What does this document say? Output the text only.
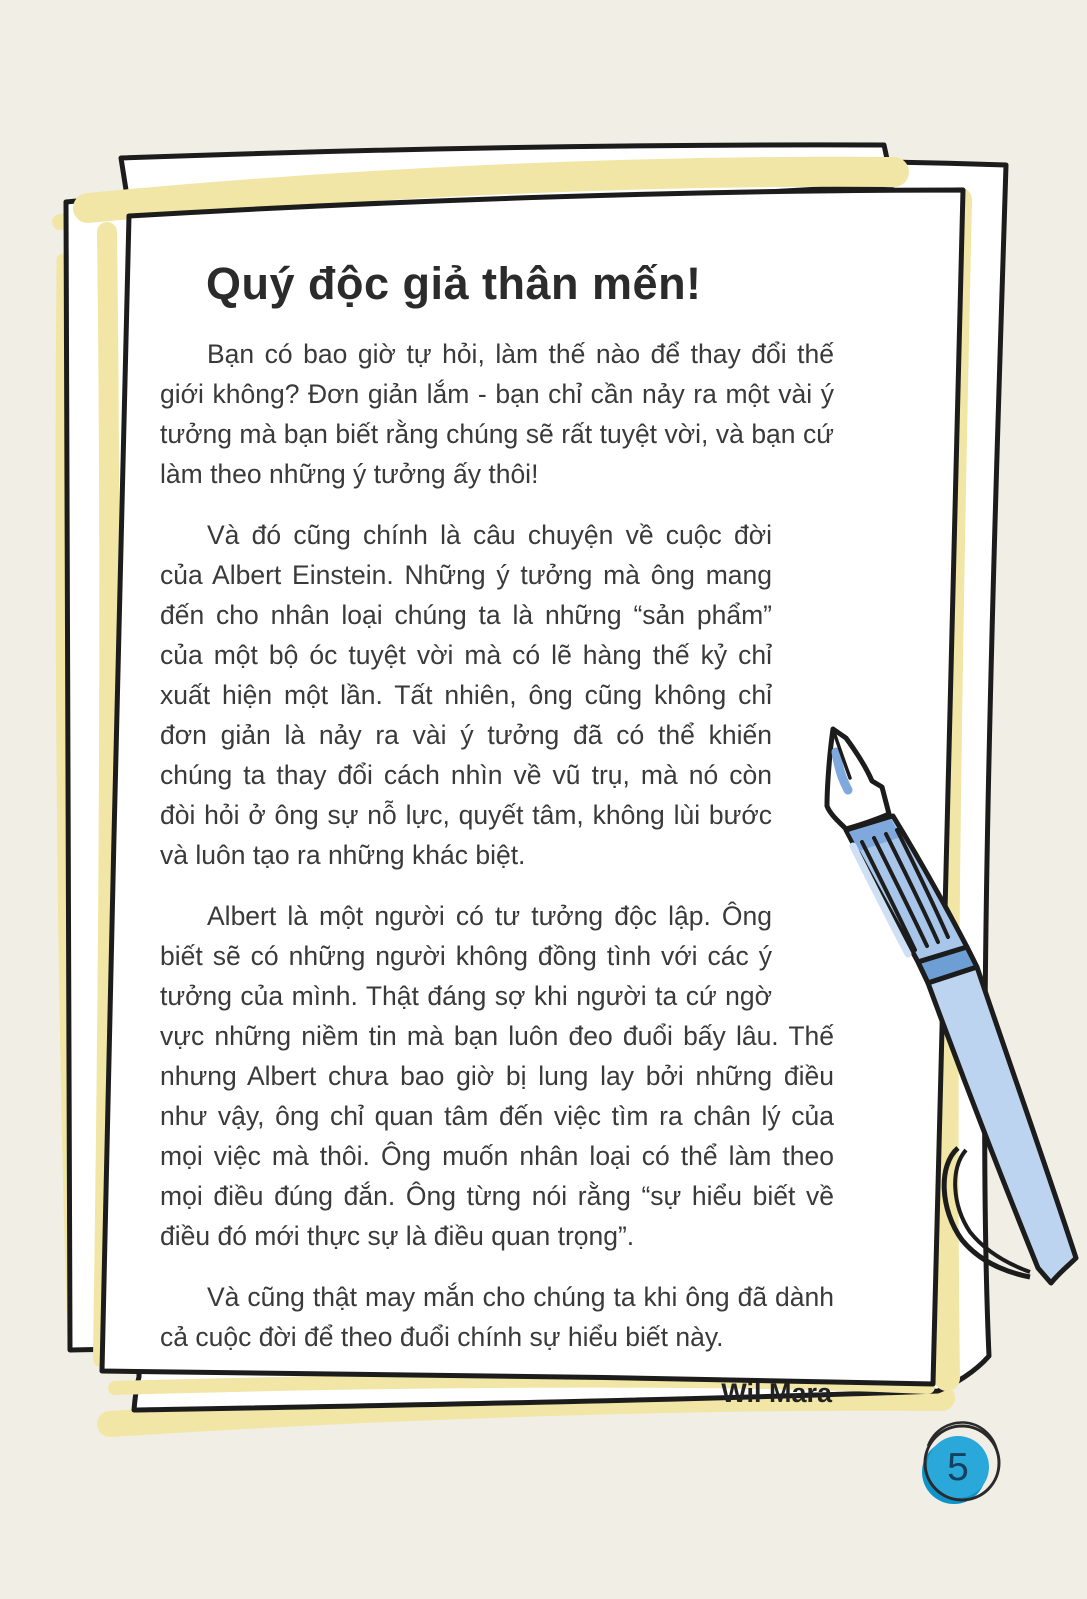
Quý độc giả thân mến!

Bạn có bao giờ tự hỏi, làm thế nào để thay đổi thế giới không? Đơn giản lắm - bạn chỉ cần nảy ra một vài ý tưởng mà bạn biết rằng chúng sẽ rất tuyệt vời, và bạn cứ làm theo những ý tưởng ấy thôi!

Và đó cũng chính là câu chuyện về cuộc đời của Albert Einstein. Những ý tưởng mà ông mang đến cho nhân loại chúng ta là những “sản phẩm” của một bộ óc tuyệt vời mà có lẽ hàng thế kỷ chỉ xuất hiện một lần. Tất nhiên, ông cũng không chỉ đơn giản là nảy ra vài ý tưởng đã có thể khiến chúng ta thay đổi cách nhìn về vũ trụ, mà nó còn đòi hỏi ở ông sự nỗ lực, quyết tâm, không lùi bước và luôn tạo ra những khác biệt.

Albert là một người có tư tưởng độc lập. Ông biết sẽ có những người không đồng tình với các ý tưởng của mình. Thật đáng sợ khi người ta cứ ngờ vực những niềm tin mà bạn luôn đeo đuổi bấy lâu. Thế nhưng Albert chưa bao giờ bị lung lay bởi những điều như vậy, ông chỉ quan tâm đến việc tìm ra chân lý của mọi việc mà thôi. Ông muốn nhân loại có thể làm theo mọi điều đúng đắn. Ông từng nói rằng “sự hiểu biết về điều đó mới thực sự là điều quan trọng”.

Và cũng thật may mắn cho chúng ta khi ông đã dành cả cuộc đời để theo đuổi chính sự hiểu biết này.

Wil Mara
5
